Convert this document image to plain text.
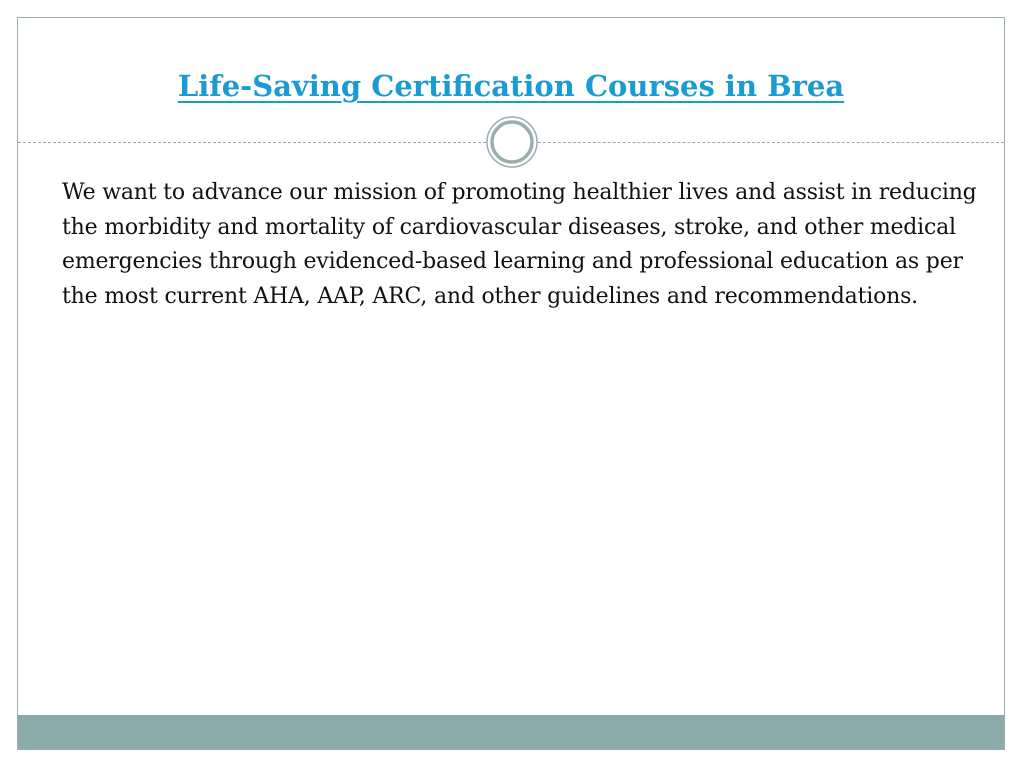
Life-Saving Certification Courses in Brea

We want to advance our mission of promoting healthier lives and assist in reducing the morbidity and mortality of cardiovascular diseases, stroke, and other medical emergencies through evidenced-based learning and professional education as per the most current AHA, AAP, ARC, and other guidelines and recommendations.
